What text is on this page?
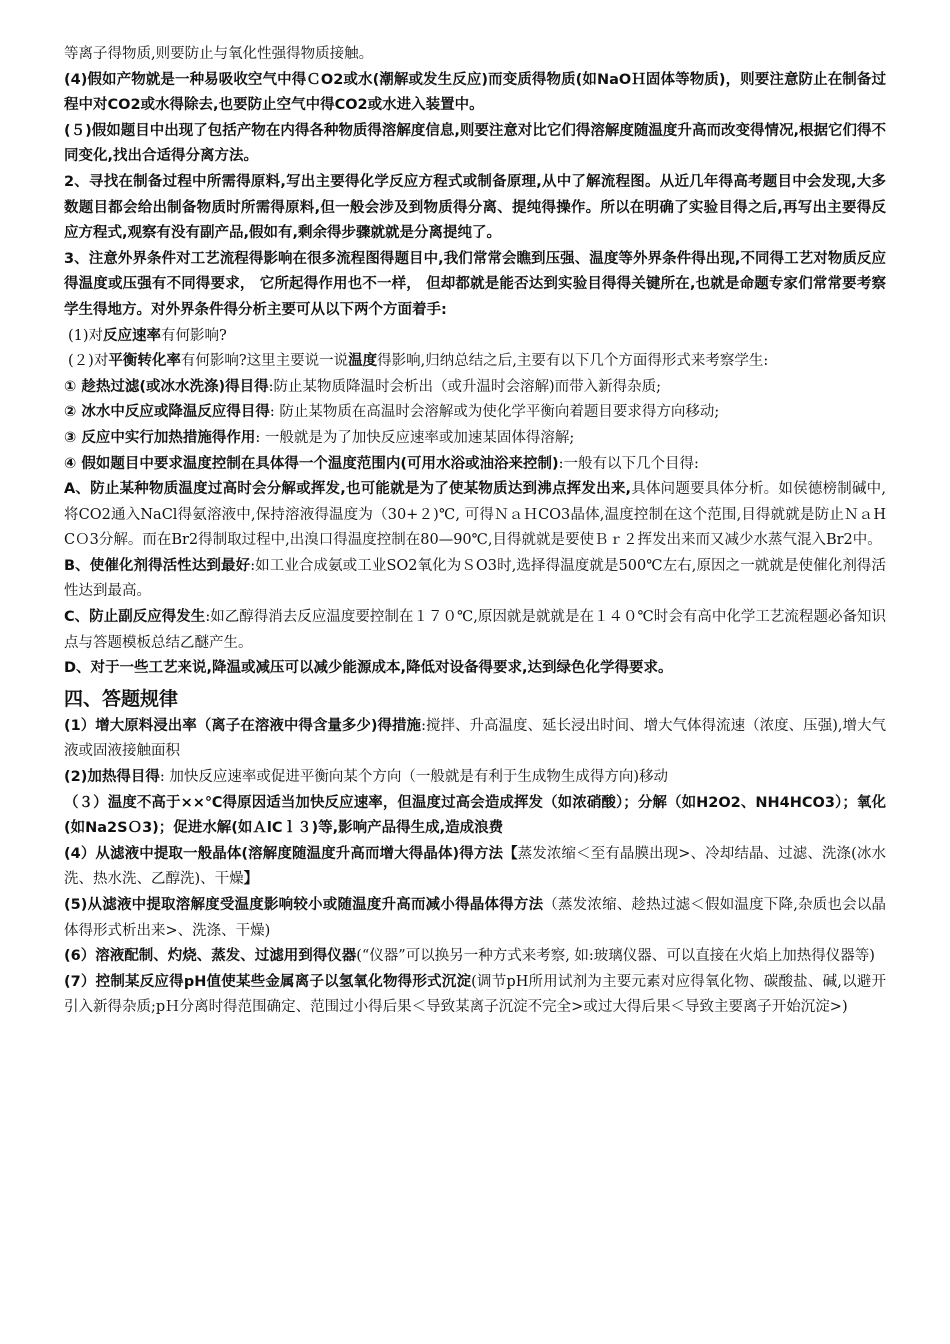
等离子得物质,则要防止与氧化性强得物质接触。

(4)假如产物就是一种易吸收空气中得ＣO2或水(潮解或发生反应)而变质得物质(如NaOＨ固体等物质)，则要注意防止在制备过程中对CO2或水得除去,也要防止空气中得CO2或水进入装置中。

(５)假如题目中出现了包括产物在内得各种物质得溶解度信息,则要注意对比它们得溶解度随温度升高而改变得情况,根据它们得不同变化,找出合适得分离方法。

2、寻找在制备过程中所需得原料,写出主要得化学反应方程式或制备原理,从中了解流程图。从近几年得高考题目中会发现,大多数题目都会给出制备物质时所需得原料,但一般会涉及到物质得分离、提纯得操作。所以在明确了实验目得之后,再写出主要得反应方程式,观察有没有副产品,假如有,剩余得步骤就就是分离提纯了。

3、注意外界条件对工艺流程得影响在很多流程图得题目中,我们常常会瞧到压强、温度等外界条件得出现,不同得工艺对物质反应得温度或压强有不同得要求， 它所起得作用也不一样， 但却都就是能否达到实验目得得关键所在,也就是命题专家们常常要考察学生得地方。对外界条件得分析主要可从以下两个方面着手:

(1)对反应速率有何影响?

(２)对平衡转化率有何影响?这里主要说一说温度得影响,归纳总结之后,主要有以下几个方面得形式来考察学生:

① 趁热过滤(或冰水洗涤)得目得:防止某物质降温时会析出（或升温时会溶解)而带入新得杂质;

② 冰水中反应或降温反应得目得: 防止某物质在高温时会溶解或为使化学平衡向着题目要求得方向移动;

③ 反应中实行加热措施得作用: 一般就是为了加快反应速率或加速某固体得溶解;

④ 假如题目中要求温度控制在具体得一个温度范围内(可用水浴或油浴来控制):一般有以下几个目得:

A、防止某种物质温度过高时会分解或挥发,也可能就是为了使某物质达到沸点挥发出来,具体问题要具体分析。如侯德榜制碱中,将CO2通入NaCl得氨溶液中,保持溶液得温度为（30+２)℃, 可得ＮａＨCO3晶体,温度控制在这个范围,目得就就是防止ＮａHCＯ3分解。而在Br2得制取过程中,出溴口得温度控制在80—90℃,目得就就是要使Ｂｒ２挥发出来而又减少水蒸气混入Br2中。

B、使催化剂得活性达到最好:如工业合成氨或工业SO2氧化为ＳO3时,选择得温度就是500℃左右,原因之一就就是使催化剂得活性达到最高。

C、防止副反应得发生:如乙醇得消去反应温度要控制在１７０℃,原因就是就就是在１４０℃时会有高中化学工艺流程题必备知识点与答题模板总结乙醚产生。

D、对于一些工艺来说,降温或减压可以减少能源成本,降低对设备得要求,达到绿色化学得要求。

四、答题规律

(1）增大原料浸出率（离子在溶液中得含量多少)得措施:搅拌、升高温度、延长浸出时间、增大气体得流速（浓度、压强),增大气液或固液接触面积

(2)加热得目得: 加快反应速率或促进平衡向某个方向（一般就是有利于生成物生成得方向)移动

（３）温度不高于××℃得原因适当加快反应速率，但温度过高会造成挥发（如浓硝酸）；分解（如H2O2、NH4HCO3）；氧化(如Na2SＯ3)；促进水解(如ＡlCｌ３)等,影响产品得生成,造成浪费

(4）从滤液中提取一般晶体(溶解度随温度升高而增大得晶体)得方法【蒸发浓缩＜至有晶膜出现>、冷却结晶、过滤、洗涤(冰水洗、热水洗、乙醇洗)、干燥】

(5)从滤液中提取溶解度受温度影响较小或随温度升高而减小得晶体得方法（蒸发浓缩、趁热过滤＜假如温度下降,杂质也会以晶体得形式析出来>、洗涤、干燥)

(6）溶液配制、灼烧、蒸发、过滤用到得仪器(“仪器”可以换另一种方式来考察, 如:玻璃仪器、可以直接在火焰上加热得仪器等)

(7）控制某反应得pH值使某些金属离子以氢氧化物得形式沉淀(调节pH所用试剂为主要元素对应得氧化物、碳酸盐、碱,以避开引入新得杂质;pＨ分离时得范围确定、范围过小得后果＜导致某离子沉淀不完全>或过大得后果＜导致主要离子开始沉淀>)
